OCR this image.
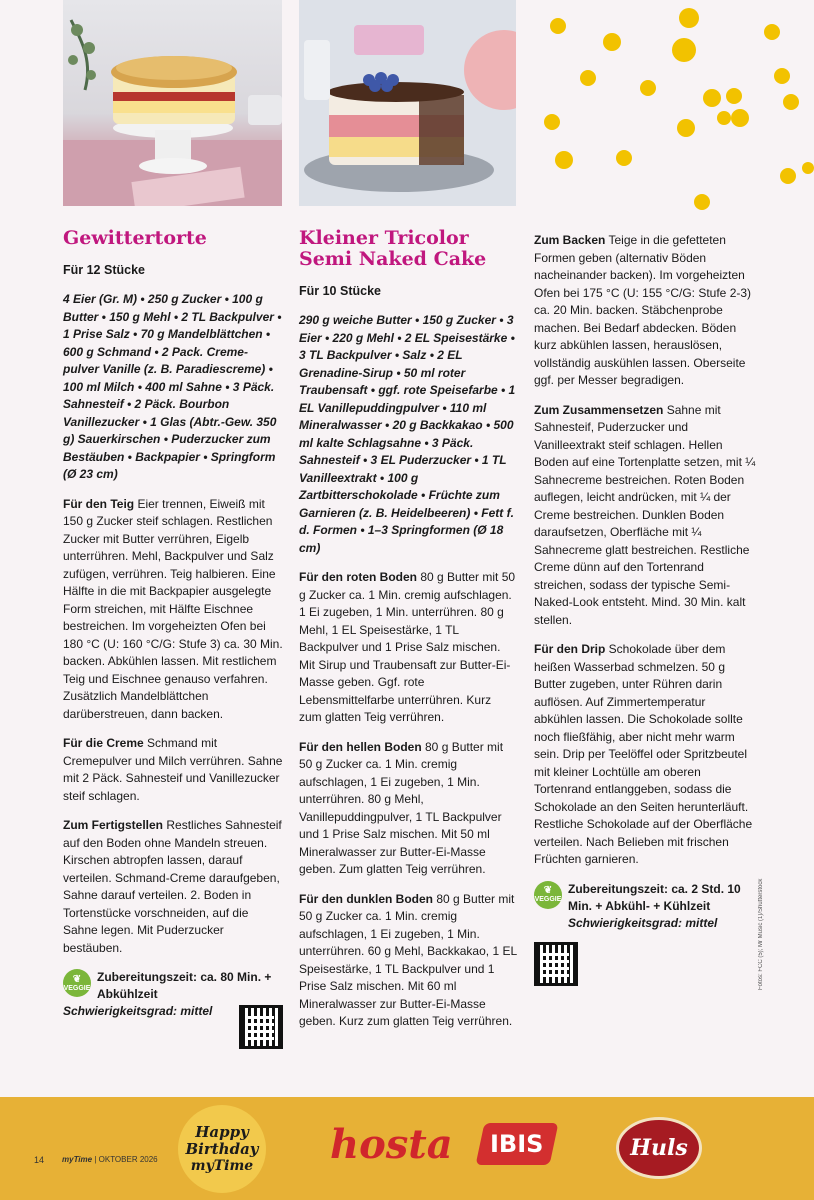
Gewittertorte
Für 12 Stücke

4 Eier (Gr. M) • 250 g Zucker • 100 g Butter • 150 g Mehl • 2 TL Backpulver • 1 Prise Salz • 70 g Mandelblättchen • 600 g Schmand • 2 Pack. Creme-pulver Vanille (z. B. Paradiescreme) • 100 ml Milch • 400 ml Sahne • 3 Päck. Sahnesteif • 2 Päck. Bourbon Vanillezucker • 1 Glas (Abtr.-Gew. 350 g) Sauerkirschen • Puderzucker zum Bestäuben • Backpapier • Springform (Ø 23 cm)

Für den Teig Eier trennen, Eiweiß mit 150 g Zucker steif schlagen. Restlichen Zucker mit Butter verrühren, Eigelb unterrühren. Mehl, Backpulver und Salz zufügen, verrühren. Teig halbieren. Eine Hälfte in die mit Backpapier ausgelegte Form streichen, mit Hälfte Eischnee bestreichen. Im vorgeheizten Ofen bei 180 °C (U: 160 °C/G: Stufe 3) ca. 30 Min. backen. Abkühlen lassen. Mit restlichem Teig und Eischnee genauso verfahren. Zusätzlich Mandelblättchen darüberstreuen, dann backen.

Für die Creme Schmand mit Cremepulver und Milch verrühren. Sahne mit 2 Päck. Sahnesteif und Vanillezucker steif schlagen.

Zum Fertigstellen Restliches Sahnesteif auf den Boden ohne Mandeln streuen. Kirschen abtropfen lassen, darauf verteilen. Schmand-Creme daraufgeben, Sahne darauf verteilen. 2. Boden in Tortenstücke vorschneiden, auf die Sahne legen. Mit Puderzucker bestäuben.

❦
VEGGIE
Zubereitungszeit: ca. 80 Min. + Abkühlzeit
Schwierigkeitsgrad: mittel
Kleiner Tricolor Semi Naked Cake
Für 10 Stücke

290 g weiche Butter • 150 g Zucker • 3 Eier • 220 g Mehl • 2 EL Speisestärke • 3 TL Backpulver • Salz • 2 EL Grenadine-Sirup • 50 ml roter Traubensaft • ggf. rote Speisefarbe • 1 EL Vanillepuddingpulver • 110 ml Mineralwasser • 20 g Backkakao • 500 ml kalte Schlagsahne • 3 Päck. Sahnesteif • 3 EL Puderzucker • 1 TL Vanilleextrakt • 100 g Zartbitterschokolade • Früchte zum Garnieren (z. B. Heidelbeeren) • Fett f. d. Formen • 1–3 Springformen (Ø 18 cm)

Für den roten Boden 80 g Butter mit 50 g Zucker ca. 1 Min. cremig aufschlagen. 1 Ei zugeben, 1 Min. unterrühren. 80 g Mehl, 1 EL Speisestärke, 1 TL Backpulver und 1 Prise Salz mischen. Mit Sirup und Traubensaft zur Butter-Ei-Masse geben. Ggf. rote Lebensmittelfarbe unterrühren. Kurz zum glatten Teig verrühren.

Für den hellen Boden 80 g Butter mit 50 g Zucker ca. 1 Min. cremig aufschlagen, 1 Ei zugeben, 1 Min. unterrühren. 80 g Mehl, Vanillepuddingpulver, 1 TL Backpulver und 1 Prise Salz mischen. Mit 50 ml Mineralwasser zur Butter-Ei-Masse geben. Zum glatten Teig verrühren.

Für den dunklen Boden 80 g Butter mit 50 g Zucker ca. 1 Min. cremig aufschlagen, 1 Ei zugeben, 1 Min. unterrühren. 60 g Mehl, Backkakao, 1 EL Speisestärke, 1 TL Backpulver und 1 Prise Salz mischen. Mit 60 ml Mineralwasser zur Butter-Ei-Masse geben. Kurz zum glatten Teig verrühren.

Zum Backen Teige in die gefetteten Formen geben (alternativ Böden nacheinander backen). Im vorgeheizten Ofen bei 175 °C (U: 155 °C/G: Stufe 2-3) ca. 20 Min. backen. Stäbchenprobe machen. Bei Bedarf abdecken. Böden kurz abkühlen lassen, herauslösen, vollständig auskühlen lassen. Oberseite ggf. per Messer begradigen.

Zum Zusammensetzen Sahne mit Sahnesteif, Puderzucker und Vanilleextrakt steif schlagen. Hellen Boden auf eine Tortenplatte setzen, mit ¼ Sahnecreme bestreichen. Roten Boden auflegen, leicht andrücken, mit ¼ der Creme bestreichen. Dunklen Boden daraufsetzen, Oberfläche mit ¼ Sahnecreme glatt bestreichen. Restliche Creme dünn auf den Tortenrand streichen, sodass der typische Semi-Naked-Look entsteht. Mind. 30 Min. kalt stellen.

Für den Drip Schokolade über dem heißen Wasserbad schmelzen. 50 g Butter zugeben, unter Rühren darin auflösen. Auf Zimmertemperatur abkühlen lassen. Die Schokolade sollte noch fließfähig, aber nicht mehr warm sein. Drip per Teelöffel oder Spritzbeutel mit kleiner Lochtülle am oberen Tortenrand entlanggeben, sodass die Schokolade an den Seiten herunterläuft. Restliche Schokolade auf der Oberfläche verteilen. Nach Belieben mit frischen Früchten garnieren.

❦
VEGGIE
Zubereitungszeit: ca. 2 Std. 10 Min. + Abkühl- + Kühlzeit
Schwierigkeitsgrad: mittel	Fotos: FCC (5); Mr Music (1)/Shutterstock
14 myTime | OKTOBER 2026
Happy
Birthday
myTime hosta IBIS	Huls
